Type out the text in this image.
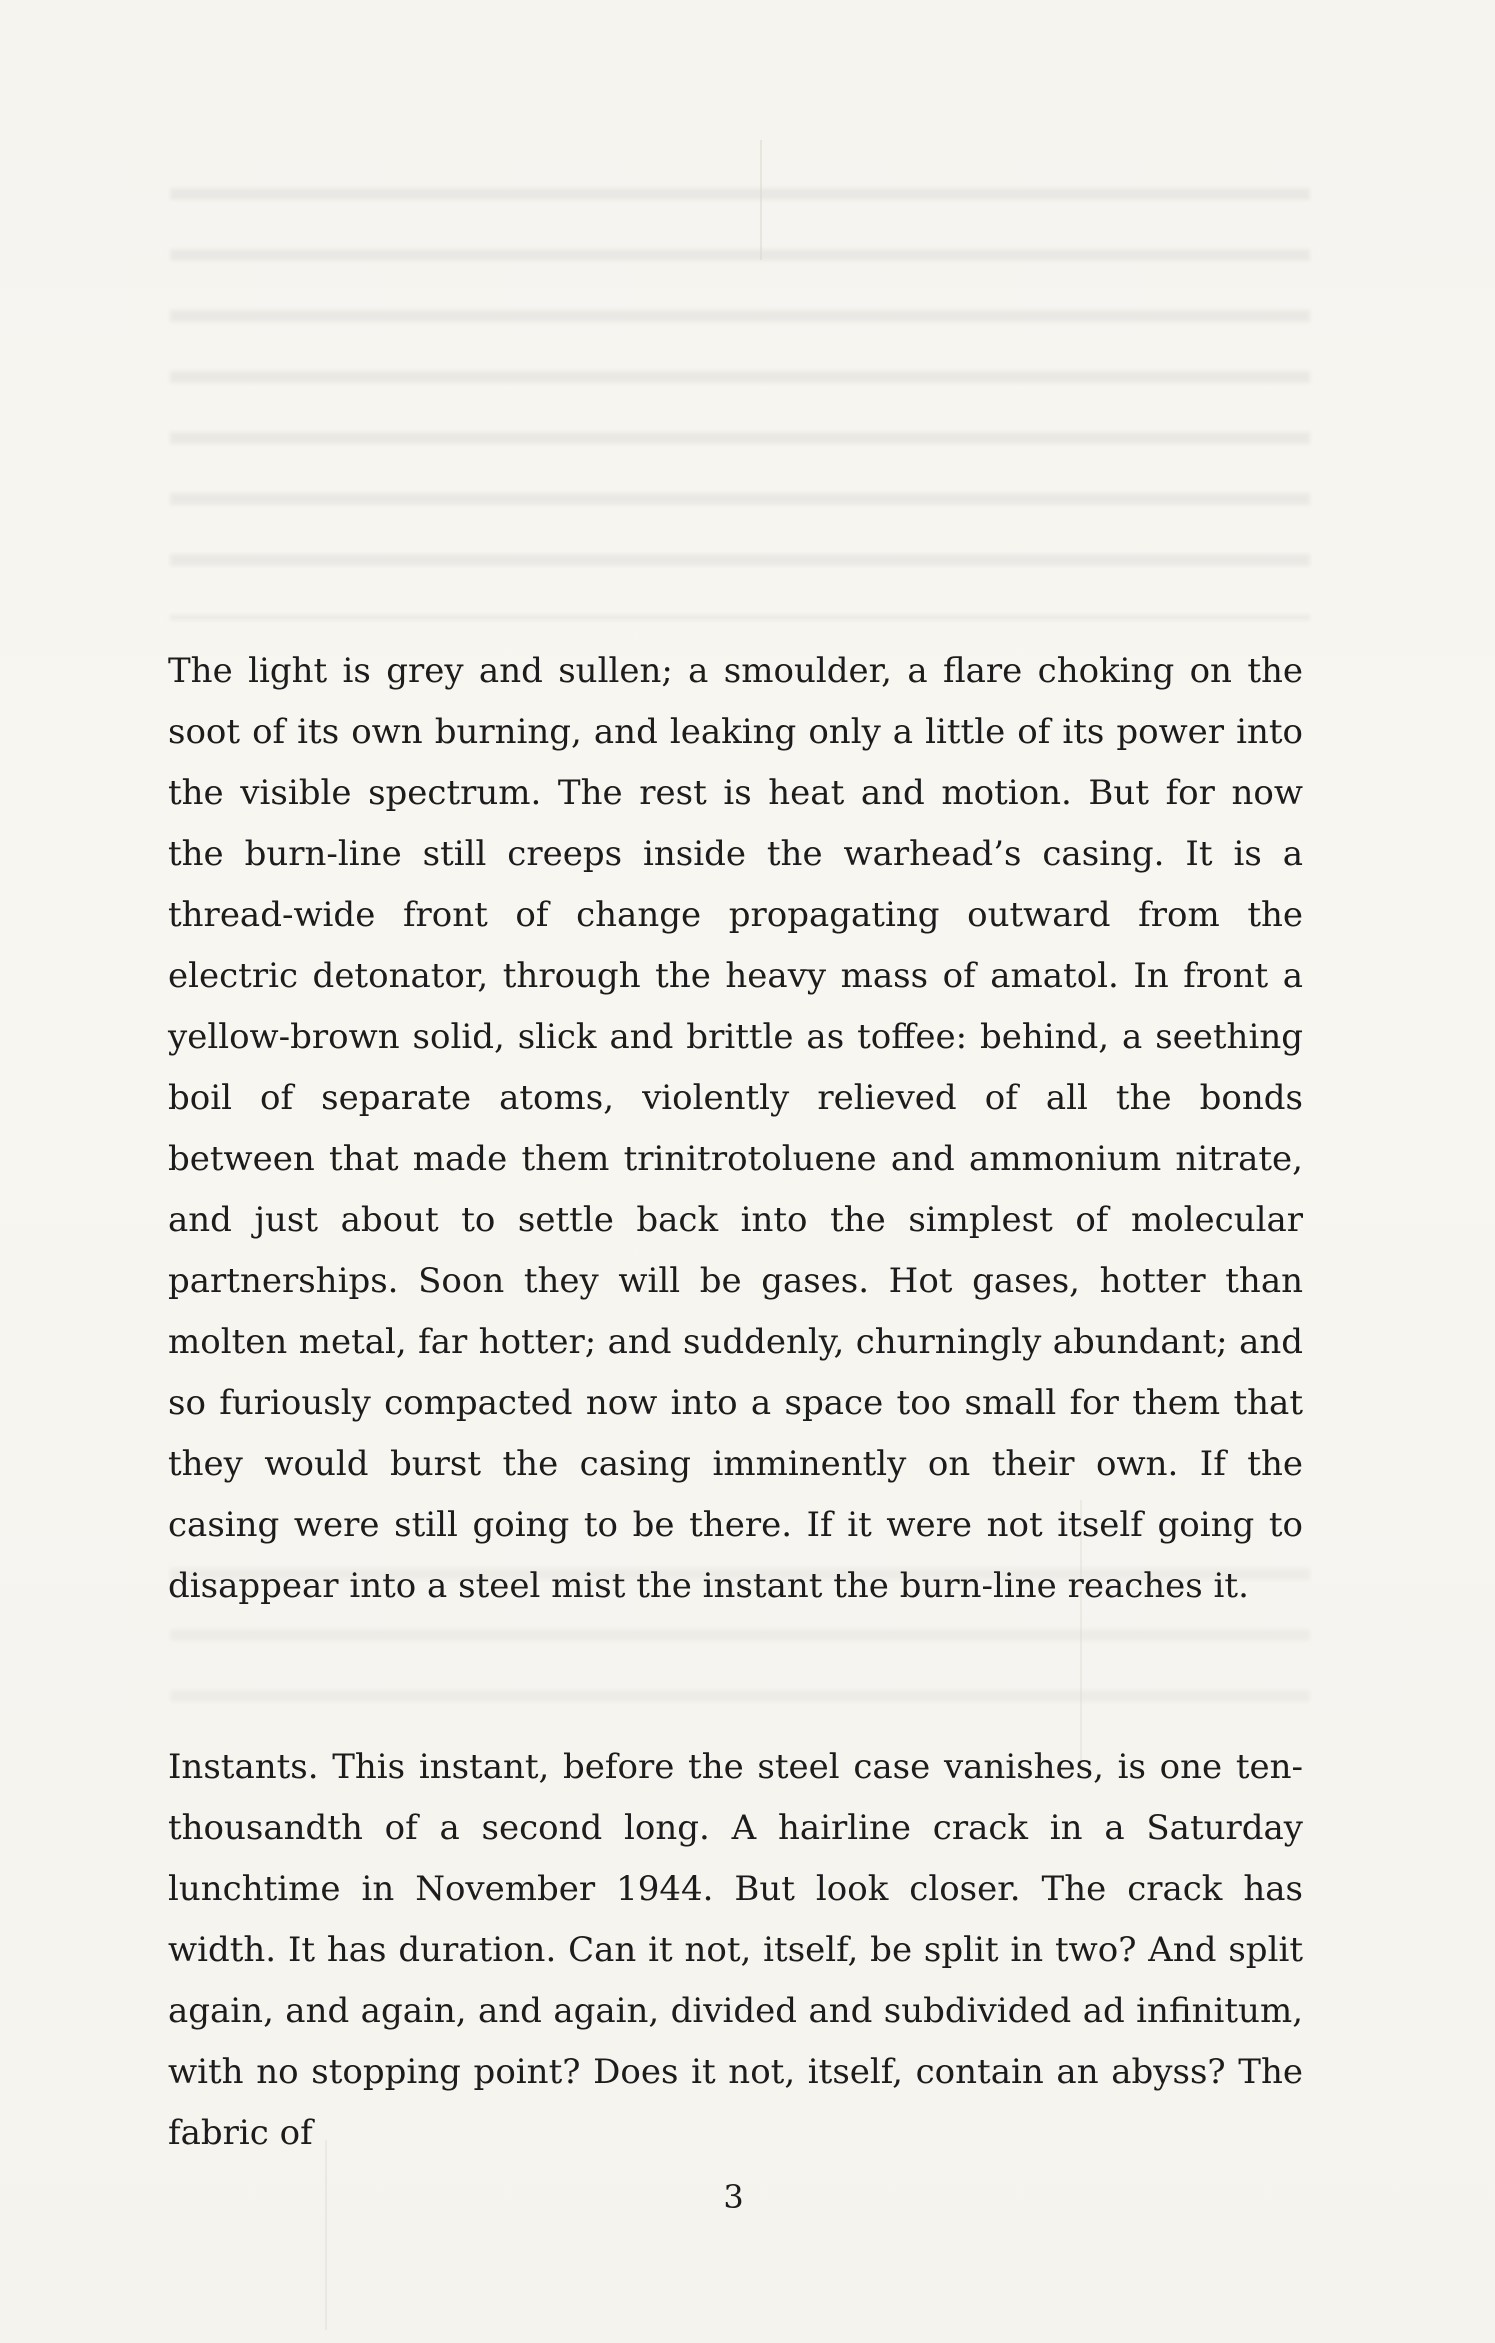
The light is grey and sullen; a smoulder, a flare choking on the soot of its own burning, and leaking only a little of its power into the visible spectrum. The rest is heat and motion. But for now the burn-line still creeps inside the warhead’s casing. It is a thread-wide front of change propagating outward from the electric detonator, through the heavy mass of amatol. In front a yellow-brown solid, slick and brittle as toffee: behind, a seething boil of separate atoms, violently relieved of all the bonds between that made them trinitrotoluene and ammonium nitrate, and just about to settle back into the simplest of molecular partnerships. Soon they will be gases. Hot gases, hotter than molten metal, far hotter; and suddenly, churningly abundant; and so furiously compacted now into a space too small for them that they would burst the casing imminently on their own. If the casing were still going to be there. If it were not itself going to disappear into a steel mist the instant the burn-line reaches it.

Instants. This instant, before the steel case vanishes, is one ten-thousandth of a second long. A hairline crack in a Saturday lunchtime in November 1944. But look closer. The crack has width. It has duration. Can it not, itself, be split in two? And split again, and again, and again, divided and subdivided ad infinitum, with no stopping point? Does it not, itself, contain an abyss? The fabric of

3
